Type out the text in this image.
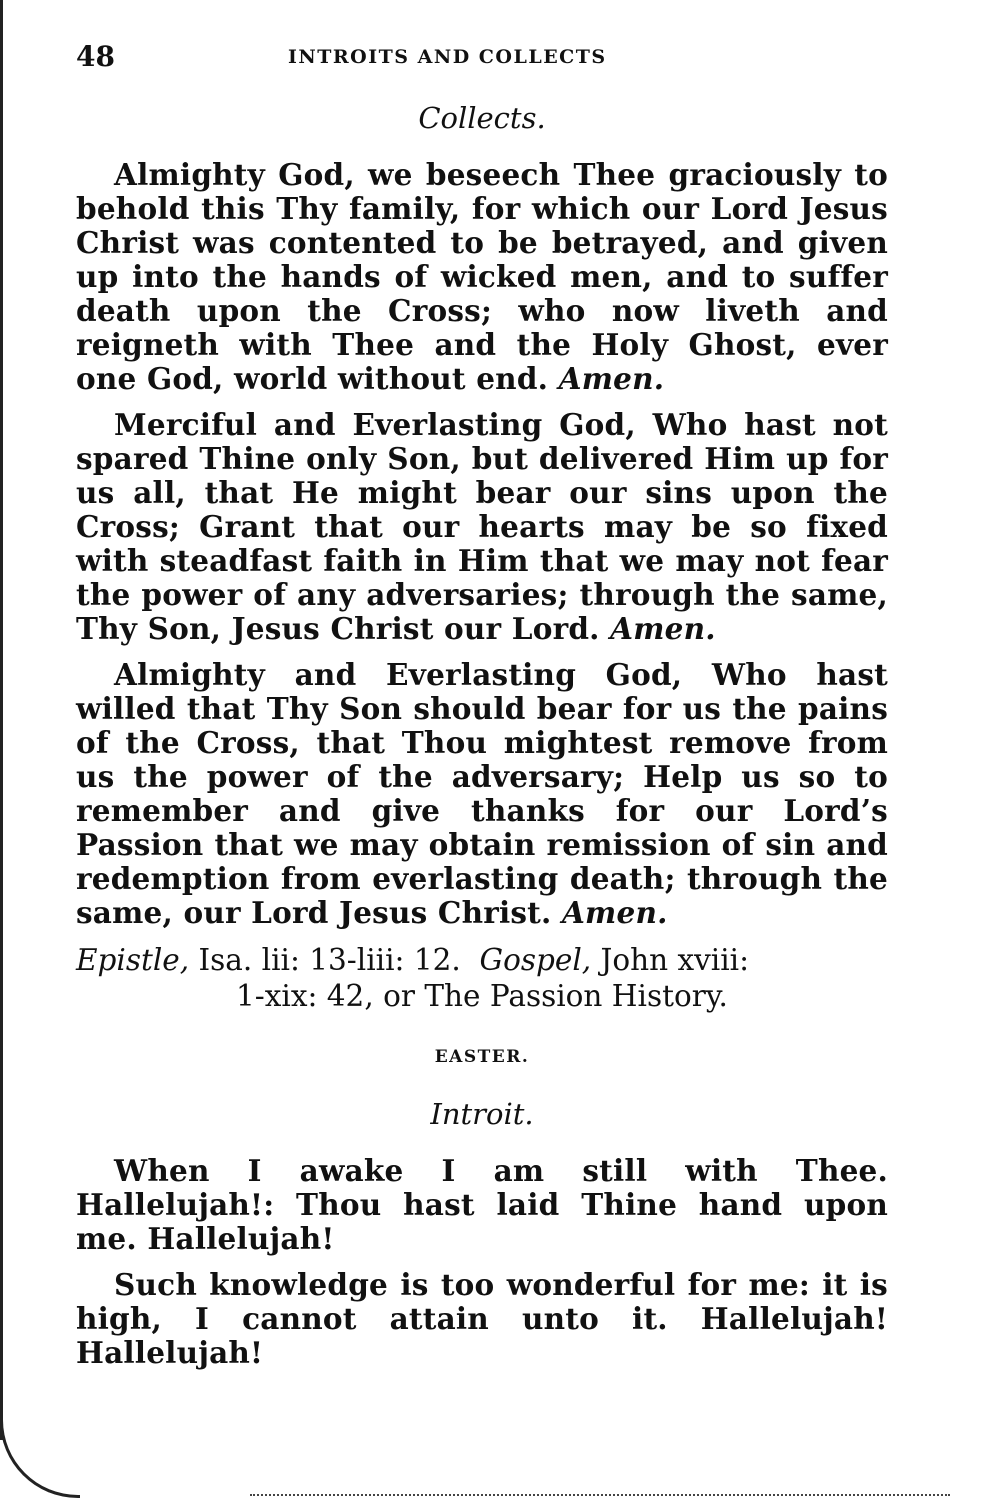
48	INTROITS AND COLLECTS
Collects.

Almighty God, we beseech Thee graciously to behold this Thy family, for which our Lord Jesus Christ was contented to be betrayed, and given up into the hands of wicked men, and to suffer death upon the Cross; who now liveth and reigneth with Thee and the Holy Ghost, ever one God, world without end. Amen.

Merciful and Everlasting God, Who hast not spared Thine only Son, but delivered Him up for us all, that He might bear our sins upon the Cross; Grant that our hearts may be so fixed with steadfast faith in Him that we may not fear the power of any adversaries; through the same, Thy Son, Jesus Christ our Lord. Amen.

Almighty and Everlasting God, Who hast willed that Thy Son should bear for us the pains of the Cross, that Thou mightest remove from us the power of the adversary; Help us so to remember and give thanks for our Lord’s Passion that we may obtain remission of sin and redemption from everlasting death; through the same, our Lord Jesus Christ. Amen.

Epistle, Isa. lii: 13-liii: 12. Gospel, John xviii:

1-xix: 42, or The Passion History.

EASTER.
Introit.

When I awake I am still with Thee. Hallelujah!: Thou hast laid Thine hand upon me. Hallelujah!

Such knowledge is too wonderful for me: it is high, I cannot attain unto it. Hallelujah! Hallelujah!
